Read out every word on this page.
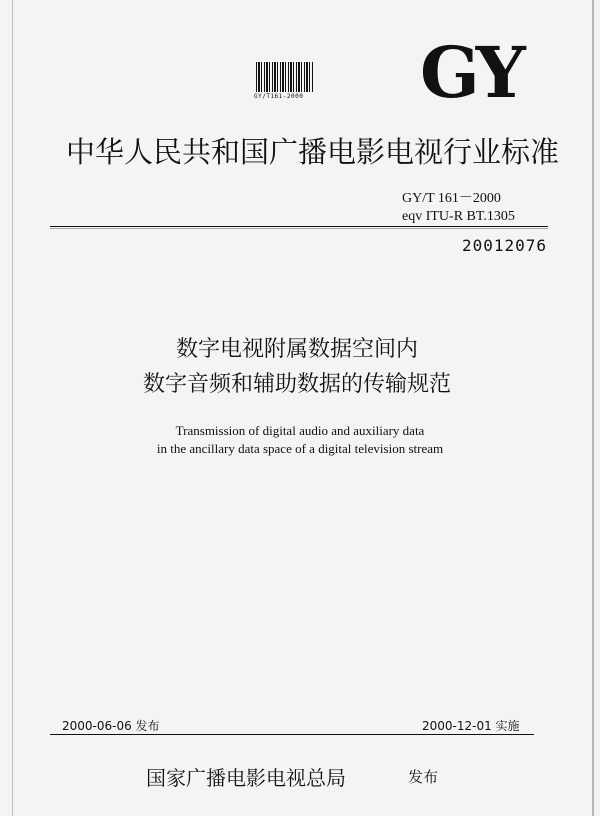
GY/T161-2000 GY
中华人民共和国广播电影电视行业标准
GY/T 161－2000
eqv ITU-R BT.1305
20012076
数字电视附属数据空间内
数字音频和辅助数据的传输规范
Transmission of digital audio and auxiliary data
in the ancillary data space of a digital television stream
2000-06-06 发布	2000-12-01 实施
国家广播电影电视总局	发布
